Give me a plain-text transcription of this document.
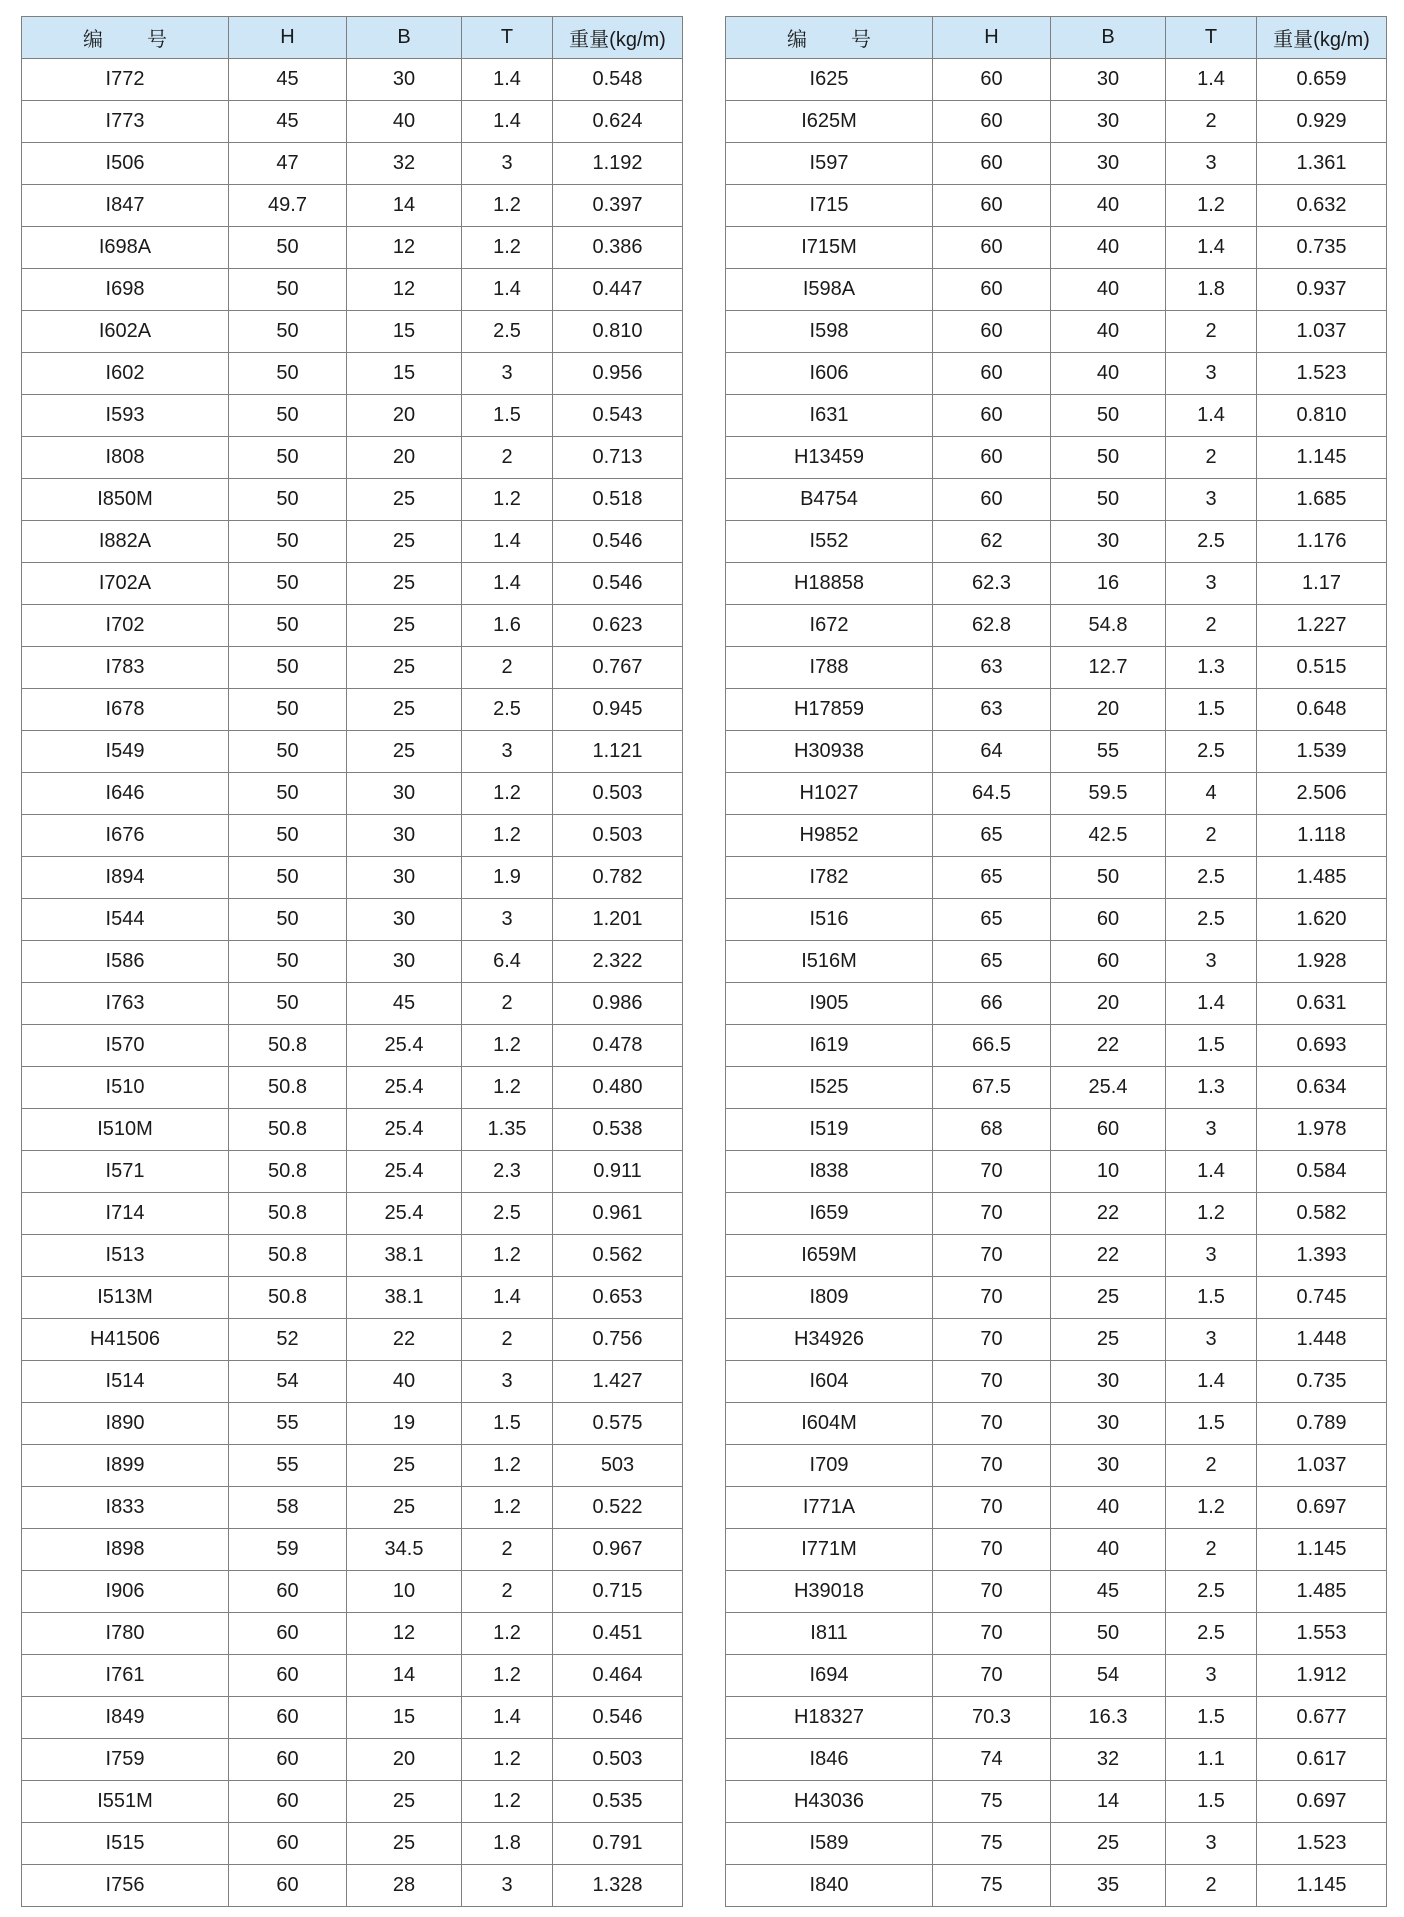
编 号	H	B	T	重量(kg/m)
I772	45	30	1.4	0.548
I773	45	40	1.4	0.624
I506	47	32	3	1.192
I847	49.7	14	1.2	0.397
I698A	50	12	1.2	0.386
I698	50	12	1.4	0.447
I602A	50	15	2.5	0.810
I602	50	15	3	0.956
I593	50	20	1.5	0.543
I808	50	20	2	0.713
I850M	50	25	1.2	0.518
I882A	50	25	1.4	0.546
I702A	50	25	1.4	0.546
I702	50	25	1.6	0.623
I783	50	25	2	0.767
I678	50	25	2.5	0.945
I549	50	25	3	1.121
I646	50	30	1.2	0.503
I676	50	30	1.2	0.503
I894	50	30	1.9	0.782
I544	50	30	3	1.201
I586	50	30	6.4	2.322
I763	50	45	2	0.986
I570	50.8	25.4	1.2	0.478
I510	50.8	25.4	1.2	0.480
I510M	50.8	25.4	1.35	0.538
I571	50.8	25.4	2.3	0.911
I714	50.8	25.4	2.5	0.961
I513	50.8	38.1	1.2	0.562
I513M	50.8	38.1	1.4	0.653
H41506	52	22	2	0.756
I514	54	40	3	1.427
I890	55	19	1.5	0.575
I899	55	25	1.2	503
I833	58	25	1.2	0.522
I898	59	34.5	2	0.967
I906	60	10	2	0.715
I780	60	12	1.2	0.451
I761	60	14	1.2	0.464
I849	60	15	1.4	0.546
I759	60	20	1.2	0.503
I551M	60	25	1.2	0.535
I515	60	25	1.8	0.791
I756	60	28	3	1.328
编 号	H	B	T	重量(kg/m)
I625	60	30	1.4	0.659
I625M	60	30	2	0.929
I597	60	30	3	1.361
I715	60	40	1.2	0.632
I715M	60	40	1.4	0.735
I598A	60	40	1.8	0.937
I598	60	40	2	1.037
I606	60	40	3	1.523
I631	60	50	1.4	0.810
H13459	60	50	2	1.145
B4754	60	50	3	1.685
I552	62	30	2.5	1.176
H18858	62.3	16	3	1.17
I672	62.8	54.8	2	1.227
I788	63	12.7	1.3	0.515
H17859	63	20	1.5	0.648
H30938	64	55	2.5	1.539
H1027	64.5	59.5	4	2.506
H9852	65	42.5	2	1.118
I782	65	50	2.5	1.485
I516	65	60	2.5	1.620
I516M	65	60	3	1.928
I905	66	20	1.4	0.631
I619	66.5	22	1.5	0.693
I525	67.5	25.4	1.3	0.634
I519	68	60	3	1.978
I838	70	10	1.4	0.584
I659	70	22	1.2	0.582
I659M	70	22	3	1.393
I809	70	25	1.5	0.745
H34926	70	25	3	1.448
I604	70	30	1.4	0.735
I604M	70	30	1.5	0.789
I709	70	30	2	1.037
I771A	70	40	1.2	0.697
I771M	70	40	2	1.145
H39018	70	45	2.5	1.485
I811	70	50	2.5	1.553
I694	70	54	3	1.912
H18327	70.3	16.3	1.5	0.677
I846	74	32	1.1	0.617
H43036	75	14	1.5	0.697
I589	75	25	3	1.523
I840	75	35	2	1.145
